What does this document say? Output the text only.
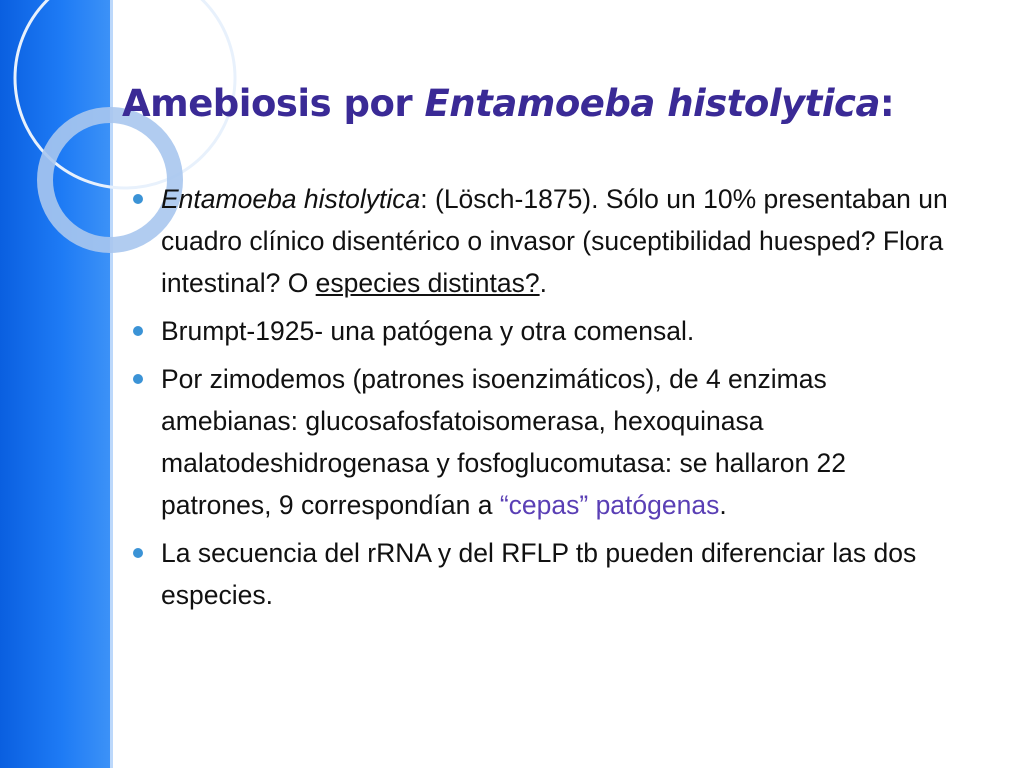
Amebiosis por Entamoeba histolytica:
Entamoeba histolytica: (Lösch-1875). Sólo un 10% presentaban un cuadro clínico disentérico o invasor (suceptibilidad huesped? Flora intestinal? O especies distintas?.
Brumpt-1925- una patógena y otra comensal.
Por zimodemos (patrones isoenzimáticos), de 4 enzimas amebianas: glucosafosfatoisomerasa, hexoquinasa malatodeshidrogenasa y fosfoglucomutasa: se hallaron 22 patrones, 9 correspondían a “cepas” patógenas.
La secuencia del rRNA y del RFLP tb pueden diferenciar las dos especies.
